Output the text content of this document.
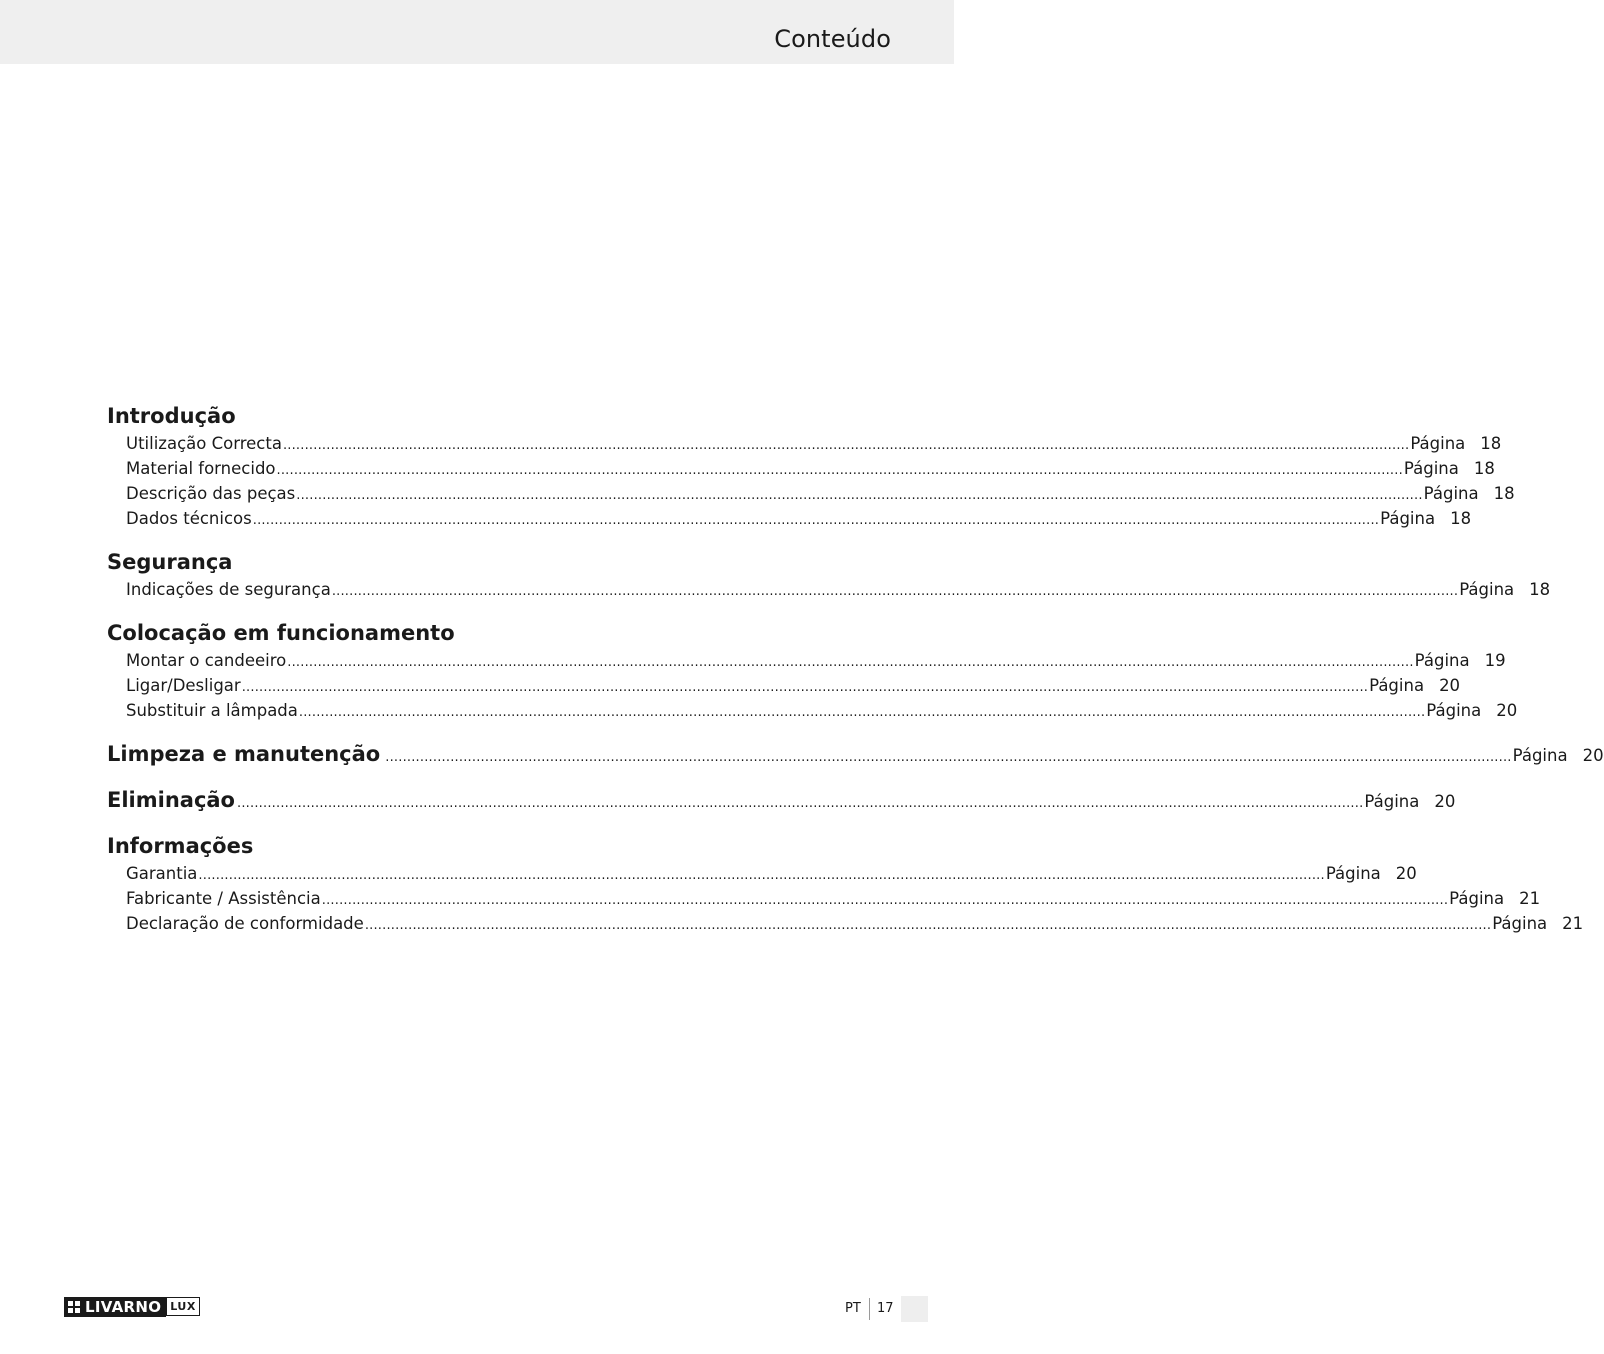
Conteúdo
Introdução
Utilização Correcta .................................................................................................................................................................................................................................................................... Página 18
Material fornecido .................................................................................................................................................................................................................................................................... Página 18
Descrição das peças .................................................................................................................................................................................................................................................................... Página 18
Dados técnicos .................................................................................................................................................................................................................................................................... Página 18
Segurança
Indicações de segurança .................................................................................................................................................................................................................................................................... Página 18
Colocação em funcionamento
Montar o candeeiro .................................................................................................................................................................................................................................................................... Página 19
Ligar/Desligar .................................................................................................................................................................................................................................................................... Página 20
Substituir a lâmpada .................................................................................................................................................................................................................................................................... Página 20
Limpeza e manutenção .................................................................................................................................................................................................................................................................... Página 20
Eliminação .................................................................................................................................................................................................................................................................... Página 20
Informações
Garantia .................................................................................................................................................................................................................................................................... Página 20
Fabricante / Assistência .................................................................................................................................................................................................................................................................... Página 21
Declaração de conformidade .................................................................................................................................................................................................................................................................... Página 21
LIVARNO LUX	PT 17
